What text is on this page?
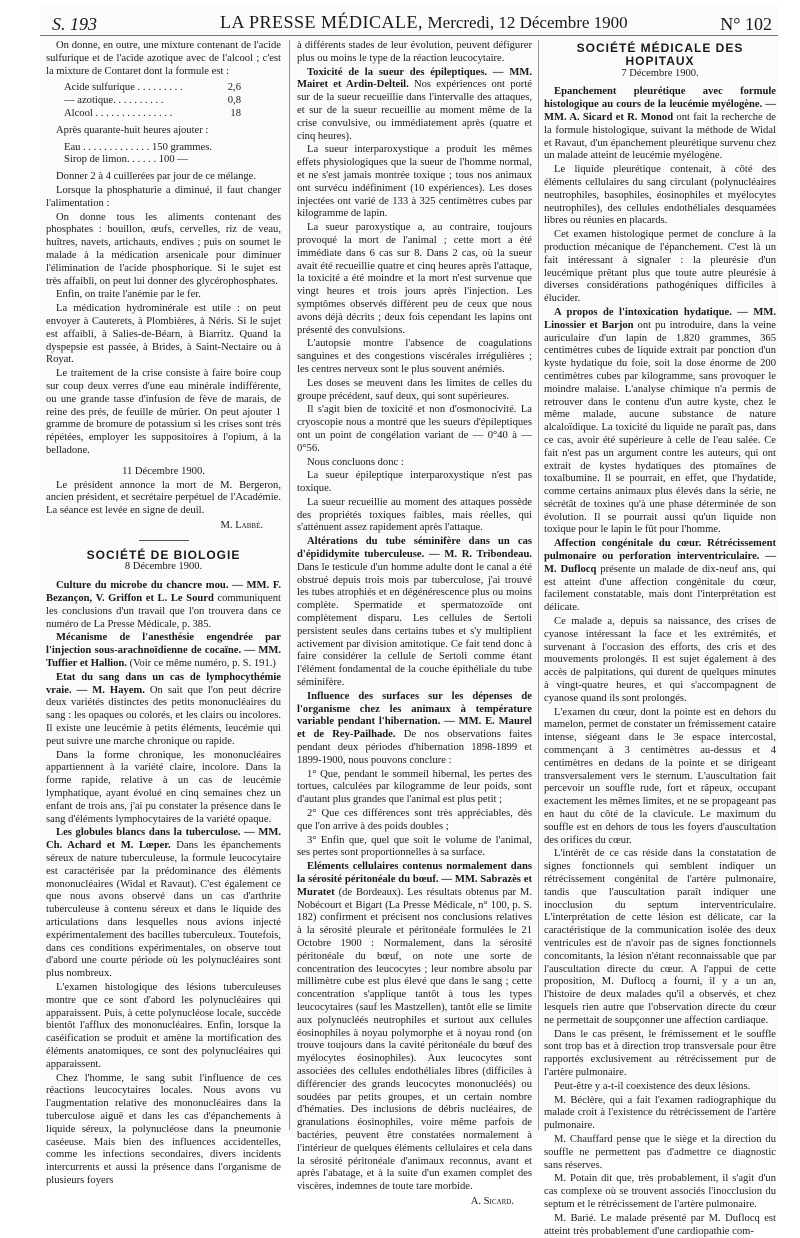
S. 193	LA PRESSE MÉDICALE, Mercredi, 12 Décembre 1900	N° 102

On donne, en outre, une mixture contenant de l'acide sulfurique et de l'acide azotique avec de l'alcool ; c'est la mixture de Contaret dont la formule est :

Acide sulfurique . . . . . . . . .	2,6
— azotique. . . . . . . . . .	0,8
Alcool . . . . . . . . . . . . . . .	18

Après quarante-huit heures ajouter :

Eau . . . . . . . . . . . . . 150 grammes.
Sirop de limon. . . . . . 100 —

Donner 2 à 4 cuillerées par jour de ce mélange.

Lorsque la phosphaturie a diminué, il faut changer l'alimentation :

On donne tous les aliments contenant des phosphates : bouillon, œufs, cervelles, riz de veau, huîtres, navets, artichauts, endives ; puis on soumet le malade à la médication arsenicale pour diminuer l'élimination de l'acide phosphorique. Si le sujet est très affaibli, on peut lui donner des glycérophosphates.

Enfin, on traite l'anémie par le fer.

La médication hydrominérale est utile : on peut envoyer à Cauterets, à Plombières, à Néris. Si le sujet est affaibli, à Salies-de-Béarn, à Biarritz. Quand la dyspepsie est passée, à Brides, à Saint-Nectaire ou à Royat.

Le traitement de la crise consiste à faire boire coup sur coup deux verres d'une eau minérale indifférente, ou une grande tasse d'infusion de fève de marais, de reine des prés, de feuille de mûrier. On peut ajouter 1 gramme de bromure de potassium si les crises sont très répétées, employer les suppositoires à l'opium, à la belladone.

11 Décembre 1900.

Le président annonce la mort de M. Bergeron, ancien président, et secrétaire perpétuel de l'Académie. La séance est levée en signe de deuil.

M. Labbé.

SOCIÉTÉ DE BIOLOGIE
8 Décembre 1900.

Culture du microbe du chancre mou. — MM. F. Bezançon, V. Griffon et L. Le Sourd communiquent les conclusions d'un travail que l'on trouvera dans ce numéro de La Presse Médicale, p. 385.

Mécanisme de l'anesthésie engendrée par l'injection sous-arachnoïdienne de cocaïne. — MM. Tuffier et Hallion. (Voir ce même numéro, p. S. 191.)

Etat du sang dans un cas de lymphocythémie vraie. — M. Hayem. On sait que l'on peut décrire deux variétés distinctes des petits mononucléaires du sang : les opaques ou colorés, et les clairs ou incolores. Il existe une leucémie à petits éléments, leucémie qui peut suivre une marche chronique ou rapide.

Dans la forme chronique, les mononucléaires appartiennent à la variété claire, incolore. Dans la forme rapide, relative à un cas de leucémie lymphatique, ayant évolué en cinq semaines chez un enfant de trois ans, j'ai pu constater la présence dans le sang d'éléments lymphocytaires de la variété opaque.

Les globules blancs dans la tuberculose. — MM. Ch. Achard et M. Lœper. Dans les épanchements séreux de nature tuberculeuse, la formule leucocytaire est caractérisée par la prédominance des éléments mononucléaires (Widal et Ravaut). C'est également ce que nous avons observé dans un cas d'arthrite tuberculeuse à contenu séreux et dans le liquide des articulations dans lesquelles nous avions injecté expérimentalement des bacilles tuberculeux. Toutefois, dans ces conditions expérimentales, on observe tout d'abord une courte période où les polynucléaires sont plus nombreux.

L'examen histologique des lésions tuberculeuses montre que ce sont d'abord les polynucléaires qui apparaissent. Puis, à cette polynucléose locale, succède bientôt l'afflux des mononucléaires. Enfin, lorsque la caséification se produit et amène la mortification des éléments anatomiques, ce sont des polynucléaires qui apparaissent.

Chez l'homme, le sang subit l'influence de ces réactions leucocytaires locales. Nous avons vu l'augmentation relative des mononucléaires dans la tuberculose aiguë et dans les cas d'épanchements à liquide séreux, la polynucléose dans la pneumonie caséeuse. Mais bien des influences accidentelles, comme les infections secondaires, divers incidents intercurrents et aussi la présence dans l'organisme de plusieurs foyers

à différents stades de leur évolution, peuvent défigurer plus ou moins le type de la réaction leucocytaire.

Toxicité de la sueur des épileptiques. — MM. Mairet et Ardin-Delteil. Nos expériences ont porté sur de la sueur recueillie dans l'intervalle des attaques, et sur de la sueur recueillie au moment même de la crise convulsive, ou immédiatement après (quatre et cinq heures).

La sueur interparoxystique a produit les mêmes effets physiologiques que la sueur de l'homme normal, et ne s'est jamais montrée toxique ; tous nos animaux ont survécu indéfiniment (10 expériences). Les doses injectées ont varié de 133 à 325 centimètres cubes par kilogramme de lapin.

La sueur paroxystique a, au contraire, toujours provoqué la mort de l'animal ; cette mort a été immédiate dans 6 cas sur 8. Dans 2 cas, où la sueur avait été recueillie quatre et cinq heures après l'attaque, la toxicité a été moindre et la mort n'est survenue que vingt heures et trois jours après l'injection. Les symptômes observés diffèrent peu de ceux que nous avons déjà décrits ; deux fois cependant les lapins ont présenté des convulsions.

L'autopsie montre l'absence de coagulations sanguines et des congestions viscérales irrégulières ; les centres nerveux sont le plus souvent anémiés.

Les doses se meuvent dans les limites de celles du groupe précédent, sauf deux, qui sont supérieures.

Il s'agit bien de toxicité et non d'osmonocivité. La cryoscopie nous a montré que les sueurs d'épileptiques ont un point de congélation variant de — 0°40 à — 0°56.

Nous concluons donc :

La sueur épileptique interparoxystique n'est pas toxique.

La sueur recueillie au moment des attaques possède des propriétés toxiques faibles, mais réelles, qui s'atténuent assez rapidement après l'attaque.

Altérations du tube séminifère dans un cas d'épididymite tuberculeuse. — M. R. Tribondeau. Dans le testicule d'un homme adulte dont le canal a été obstrué depuis trois mois par tuberculose, j'ai trouvé les tubes atrophiés et en dégénérescence plus ou moins complète. Spermatide et spermatozoïde ont complètement disparu. Les cellules de Sertoli persistent seules dans certains tubes et s'y multiplient activement par division amitotique. Ce fait tend donc à faire considérer la cellule de Sertoli comme étant l'élément fondamental de la couche épithéliale du tube séminifère.

Influence des surfaces sur les dépenses de l'organisme chez les animaux à température variable pendant l'hibernation. — MM. E. Maurel et de Rey-Pailhade. De nos observations faites pendant deux périodes d'hibernation 1898-1899 et 1899-1900, nous pouvons conclure :

1° Que, pendant le sommeil hibernal, les pertes des tortues, calculées par kilogramme de leur poids, sont d'autant plus grandes que l'animal est plus petit ;

2° Que ces différences sont très appréciables, dès que l'on arrive à des poids doubles ;

3° Enfin que, quel que soit le volume de l'animal, ses pertes sont proportionnelles à sa surface.

Eléments cellulaires contenus normalement dans la sérosité péritonéale du bœuf. — MM. Sabrazès et Muratet (de Bordeaux). Les résultats obtenus par M. Nobécourt et Bigart (La Presse Médicale, n° 100, p. S. 182) confirment et précisent nos conclusions relatives à la sérosité pleurale et péritonéale formulées le 21 Octobre 1900 : Normalement, dans la sérosité péritonéale du bœuf, on note une sorte de concentration des leucocytes ; leur nombre absolu par millimètre cube est plus élevé que dans le sang ; cette concentration s'applique tantôt à tous les types leucocytaires (sauf les Mastzellen), tantôt elle se limite aux polynucléés neutrophiles et surtout aux cellules éosinophiles à noyau polymorphe et à noyau rond (on trouve toujours dans la cavité péritonéale du bœuf des myélocytes éosinophiles). Aux leucocytes sont associées des cellules endothéliales libres (difficiles à différencier des grands leucocytes mononucléés) ou soudées par petits groupes, et un certain nombre d'hématies. Des inclusions de débris nucléaires, de granulations éosinophiles, voire même parfois de bactéries, peuvent être constatées normalement à l'intérieur de quelques éléments cellulaires et cela dans la sérosité péritonéale d'animaux reconnus, avant et après l'abatage, et à la suite d'un examen complet des viscères, indemnes de toute tare morbide.

A. Sicard.

SOCIÉTÉ MÉDICALE DES HOPITAUX
7 Décembre 1900.

Epanchement pleurétique avec formule histologique au cours de la leucémie myélogène. — MM. A. Sicard et R. Monod ont fait la recherche de la formule histologique, suivant la méthode de Widal et Ravaut, d'un épanchement pleurétique survenu chez un malade atteint de leucémie myélogène.

Le liquide pleurétique contenait, à côté des éléments cellulaires du sang circulant (polynucléaires neutrophiles, basophiles, éosinophiles et myélocytes neutrophiles), des cellules endothéliales desquamées libres ou réunies en placards.

Cet examen histologique permet de conclure à la production mécanique de l'épanchement. C'est là un fait intéressant à signaler : la pleurésie d'un leucémique prêtant plus que toute autre pleurésie à diverses considérations pathogéniques difficiles à élucider.

A propos de l'intoxication hydatique. — MM. Linossier et Barjon ont pu introduire, dans la veine auriculaire d'un lapin de 1.820 grammes, 365 centimètres cubes de liquide extrait par ponction d'un kyste hydatique du foie, soit la dose énorme de 200 centimètres cubes par kilogramme, sans provoquer le moindre malaise. L'analyse chimique n'a permis de retrouver dans le contenu d'un autre kyste, chez le même malade, aucune substance de nature alcaloïdique. La toxicité du liquide ne paraît pas, dans ce cas, avoir été supérieure à celle de l'eau salée. Ce fait n'est pas un argument contre les auteurs, qui ont extrait de kystes hydatiques des ptomaïnes de toxalbumine. Il se pourrait, en effet, que l'hydatide, comme certains animaux plus élevés dans la série, ne sécrétât de toxines qu'à une phase déterminée de son évolution. Il se pourrait aussi qu'un liquide non toxique pour le lapin le fût pour l'homme.

Affection congénitale du cœur. Rétrécissement pulmonaire ou perforation interventriculaire. — M. Duflocq présente un malade de dix-neuf ans, qui est atteint d'une affection congénitale du cœur, facilement constatable, mais dont l'interprétation est délicate.

Ce malade a, depuis sa naissance, des crises de cyanose intéressant la face et les extrémités, et survenant à l'occasion des efforts, des cris et des mouvements prolongés. Il est sujet également à des accès de palpitations, qui durent de quelques minutes à vingt-quatre heures, et qui s'accompagnent de cyanose quand ils sont prolongés.

L'examen du cœur, dont la pointe est en dehors du mamelon, permet de constater un frémissement cataire intense, siégeant dans le 3e espace intercostal, commençant à 3 centimètres au-dessus et 4 centimètres en dedans de la pointe et se dirigeant transversalement vers le sternum. L'auscultation fait percevoir un souffle rude, fort et râpeux, occupant exactement les mêmes limites, et ne se propageant pas en haut du côté de la clavicule. Le maximum du souffle est en dehors de tous les foyers d'auscultation des orifices du cœur.

L'intérêt de ce cas réside dans la constatation de signes fonctionnels qui semblent indiquer un rétrécissement congénital de l'artère pulmonaire, tandis que l'auscultation paraît indiquer une inocclusion du septum interventriculaire. L'interprétation de cette lésion est délicate, car la caractéristique de la communication isolée des deux ventricules est de n'avoir pas de signes fonctionnels concomitants, la lésion n'étant reconnaissable que par l'auscultation directe du cœur. A l'appui de cette proposition, M. Duflocq a fourni, il y a un an, l'histoire de deux malades qu'il a observés, et chez lesquels rien autre que l'observation directe du cœur ne permettait de soupçonner une affection cardiaque.

Dans le cas présent, le frémissement et le souffle sont trop bas et à direction trop transversale pour être rapportés exclusivement au rétrécissement pur de l'artère pulmonaire.

Peut-être y a-t-il coexistence des deux lésions.

M. Béclère, qui a fait l'examen radiographique du malade croit à l'existence du rétrécissement de l'artère pulmonaire.

M. Chauffard pense que le siège et la direction du souffle ne permettent pas d'admettre ce diagnostic sans réserves.

M. Potain dit que, très probablement, il s'agit d'un cas complexe où se trouvent associés l'inocclusion du septum et le rétrécissement de l'artère pulmonaire.

M. Barié. Le malade présenté par M. Duflocq est atteint très probablement d'une cardiopathie com-
